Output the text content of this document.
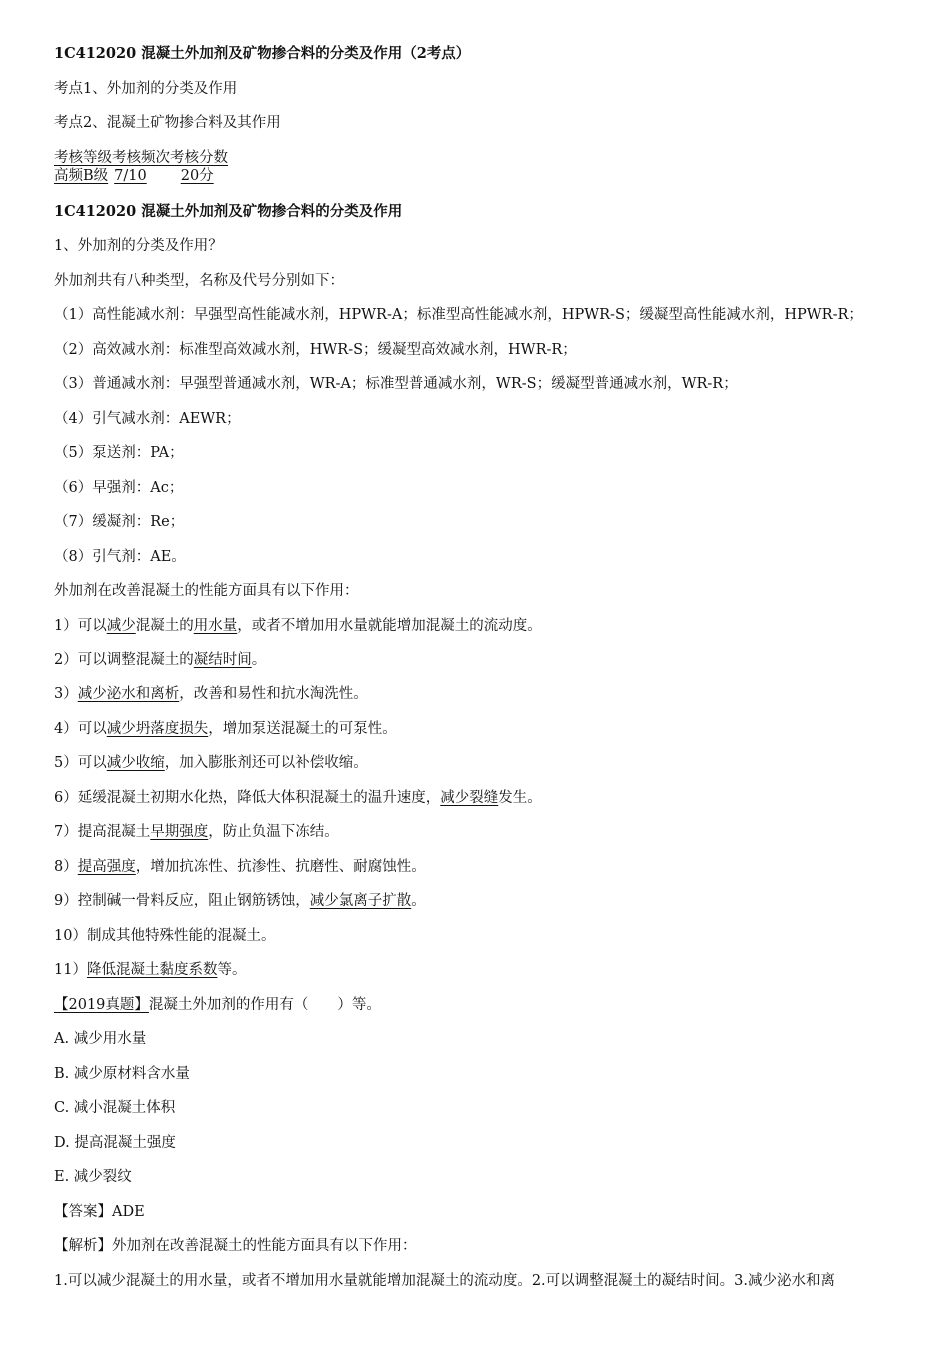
1C412020 混凝土外加剂及矿物掺合料的分类及作用（2考点）
考点1、外加剂的分类及作用
考点2、混凝土矿物掺合料及其作用
考核等级考核频次考核分数
高频B级 7/10 20分
1C412020 混凝土外加剂及矿物掺合料的分类及作用
1、外加剂的分类及作用？
外加剂共有八种类型，名称及代号分别如下：
（1）高性能减水剂：早强型高性能减水剂，HPWR-A；标准型高性能减水剂，HPWR-S；缓凝型高性能减水剂，HPWR-R；
（2）高效减水剂：标准型高效减水剂，HWR-S；缓凝型高效减水剂，HWR-R；
（3）普通减水剂：早强型普通减水剂，WR-A；标准型普通减水剂，WR-S；缓凝型普通减水剂，WR-R；
（4）引气减水剂：AEWR；
（5）泵送剂：PA；
（6）早强剂：Ac；
（7）缓凝剂：Re；
（8）引气剂：AE。
外加剂在改善混凝土的性能方面具有以下作用：
1）可以减少混凝土的用水量，或者不增加用水量就能增加混凝土的流动度。
2）可以调整混凝土的凝结时间。
3）减少泌水和离析，改善和易性和抗水淘洗性。
4）可以减少坍落度损失，增加泵送混凝土的可泵性。
5）可以减少收缩，加入膨胀剂还可以补偿收缩。
6）延缓混凝土初期水化热，降低大体积混凝土的温升速度，减少裂缝发生。
7）提高混凝土早期强度，防止负温下冻结。
8）提高强度，增加抗冻性、抗渗性、抗磨性、耐腐蚀性。
9）控制碱一骨料反应，阻止钢筋锈蚀，减少氯离子扩散。
10）制成其他特殊性能的混凝土。
11）降低混凝土黏度系数等。
【2019真题】混凝土外加剂的作用有（　　）等。
A. 减少用水量
B. 减少原材料含水量
C. 减小混凝土体积
D. 提高混凝土强度
E. 减少裂纹
【答案】ADE
【解析】外加剂在改善混凝土的性能方面具有以下作用：
1.可以减少混凝土的用水量，或者不增加用水量就能增加混凝土的流动度。2.可以调整混凝土的凝结时间。3.减少泌水和离
